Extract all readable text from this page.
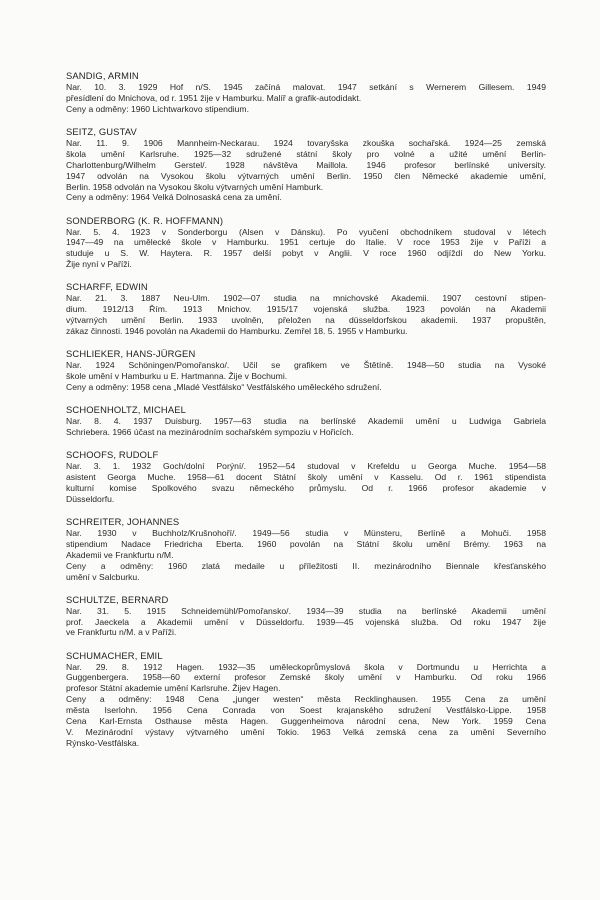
SANDIG, ARMIN
Nar. 10. 3. 1929 Hof n/S. 1945 začíná malovat. 1947 setkání s Wernerem Gillesem. 1949
přesídlení do Mnichova, od r. 1951 žije v Hamburku. Malíř a grafik-autodidakt.
Ceny a odměny: 1960 Lichtwarkovo stipendium.
SEITZ, GUSTAV
Nar. 11. 9. 1906 Mannheim-Neckarau. 1924 tovaryšska zkouška sochařská. 1924—25 zemská
škola umění Karlsruhe. 1925—32 sdružené státní školy pro volné a užité umění Berlin-
Charlottenburg/Wilhelm Gerstel/. 1928 návštěva Maillola. 1946 profesor berlínské university.
1947 odvolán na Vysokou školu výtvarných umění Berlin. 1950 člen Německé akademie umění,
Berlin. 1958 odvolán na Vysokou školu výtvarných umění Hamburk.
Ceny a odměny: 1964 Velká Dolnosaská cena za umění.
SONDERBORG (K. R. HOFFMANN)
Nar. 5. 4. 1923 v Sonderborgu (Alsen v Dánsku). Po vyučení obchodníkem studoval v létech
1947—49 na umělecké škole v Hamburku. 1951 certuje do Italie. V roce 1953 žije v Paříži a
studuje u S. W. Haytera. R. 1957 delší pobyt v Anglii. V roce 1960 odjíždí do New Yorku.
Žije nyní v Paříži.
SCHARFF, EDWIN
Nar. 21. 3. 1887 Neu-Ulm. 1902—07 studia na mnichovské Akademii. 1907 cestovní stipen-
dium. 1912/13 Řím. 1913 Mnichov. 1915/17 vojenská služba. 1923 povolán na Akademii
výtvarných umění Berlin. 1933 uvolněn, přeložen na düsseldorfskou akademii. 1937 propuštěn,
zákaz činnosti. 1946 povolán na Akademii do Hamburku. Zemřel 18. 5. 1955 v Hamburku.
SCHLIEKER, HANS-JÜRGEN
Nar. 1924 Schöningen/Pomořansko/. Učil se grafikem ve Štětíně. 1948—50 studia na Vysoké
škole umění v Hamburku u E. Hartmanna. Žije v Bochumi.
Ceny a odměny: 1958 cena „Mladé Vestfálsko“ Vestfálského uměleckého sdružení.
SCHOENHOLTZ, MICHAEL
Nar. 8. 4. 1937 Duisburg. 1957—63 studia na berlínské Akademii umění u Ludwiga Gabriela
Schriebera. 1966 účast na mezinárodním sochařském sympoziu v Hořicích.
SCHOOFS, RUDOLF
Nar. 3. 1. 1932 Goch/dolní Porýní/. 1952—54 studoval v Krefeldu u Georga Muche. 1954—58
asistent Georga Muche. 1958—61 docent Státní školy umění v Kasselu. Od r. 1961 stipendista
kulturní komise Spolkového svazu německého průmyslu. Od r. 1966 profesor akademie v
Düsseldorfu.
SCHREITER, JOHANNES
Nar. 1930 v Buchholz/Krušnohoří/. 1949—56 studia v Münsteru, Berlíně a Mohuči. 1958
stipendium Nadace Friedricha Eberta. 1960 povolán na Státní školu umění Brémy. 1963 na
Akademii ve Frankfurtu n/M.
Ceny a odměny: 1960 zlatá medaile u příležitosti II. mezinárodního Biennale křesťanského
umění v Salcburku.
SCHULTZE, BERNARD
Nar. 31. 5. 1915 Schneidemühl/Pomořansko/. 1934—39 studia na berlínské Akademii umění
prof. Jaeckela a Akademii umění v Düsseldorfu. 1939—45 vojenská služba. Od roku 1947 žije
ve Frankfurtu n/M. a v Paříži.
SCHUMACHER, EMIL
Nar. 29. 8. 1912 Hagen. 1932—35 uměleckoprůmyslová škola v Dortmundu u Herrichta a
Guggenbergera. 1958—60 externí profesor Zemské školy umění v Hamburku. Od roku 1966
profesor Státní akademie umění Karlsruhe. Žijev Hagen.
Ceny a odměny: 1948 Cena „junger westen“ města Recklinghausen. 1955 Cena za umění
města Iserlohn. 1956 Cena Conrada von Soest krajanského sdružení Vestfálsko-Lippe. 1958
Cena Karl-Ernsta Osthause města Hagen. Guggenheimova národní cena, New York. 1959 Cena
V. Mezinárodní výstavy výtvarného umění Tokio. 1963 Velká zemská cena za umění Severního
Rýnsko-Vestfálska.
